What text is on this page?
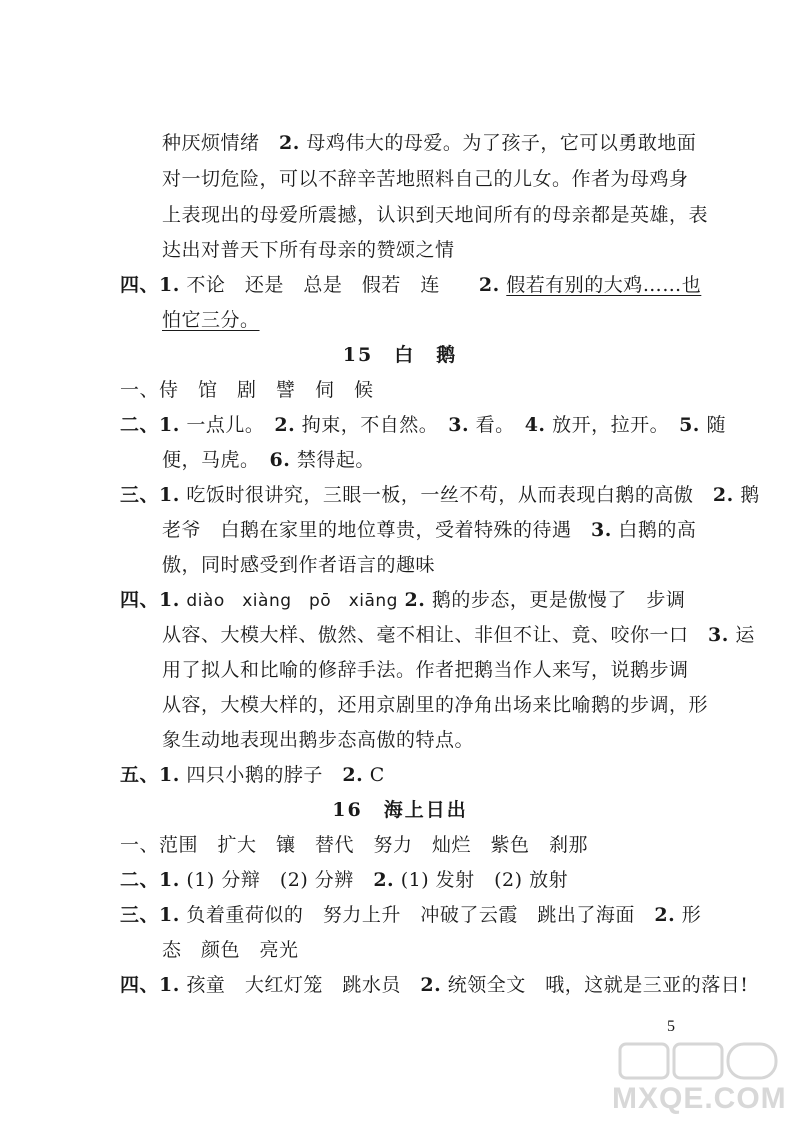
种厌烦情绪　2. 母鸡伟大的母爱。为了孩子，它可以勇敢地面
对一切危险，可以不辞辛苦地照料自己的儿女。作者为母鸡身
上表现出的母爱所震撼，认识到天地间所有的母亲都是英雄，表
达出对普天下所有母亲的赞颂之情
四、1. 不论　还是　总是　假若　连　　2. 假若有别的大鸡……也
怕它三分。
15　白　鹅
一、侍　馆　剧　譬　伺　候
二、1. 一点儿。　2. 拘束，不自然。　3. 看。　4. 放开，拉开。　5. 随
便，马虎。　6. 禁得起。
三、1. 吃饭时很讲究，三眼一板，一丝不苟，从而表现白鹅的高傲　2. 鹅
老爷　白鹅在家里的地位尊贵，受着特殊的待遇　3. 白鹅的高
傲，同时感受到作者语言的趣味
四、1. diào　xiàng　pō　xiāng 2. 鹅的步态，更是傲慢了　步调
从容、大模大样、傲然、毫不相让、非但不让、竟、咬你一口　3. 运
用了拟人和比喻的修辞手法。作者把鹅当作人来写，说鹅步调
从容，大模大样的，还用京剧里的净角出场来比喻鹅的步调，形
象生动地表现出鹅步态高傲的特点。
五、1. 四只小鹅的脖子　2. C
16　海上日出
一、范围　扩大　镶　替代　努力　灿烂　紫色　刹那
二、1. (1) 分辩　(2) 分辨　2. (1) 发射　(2) 放射
三、1. 负着重荷似的　努力上升　冲破了云霞　跳出了海面　2. 形
态　颜色　亮光
四、1. 孩童　大红灯笼　跳水员　2. 统领全文　哦，这就是三亚的落日!
5
MXQE.COM
